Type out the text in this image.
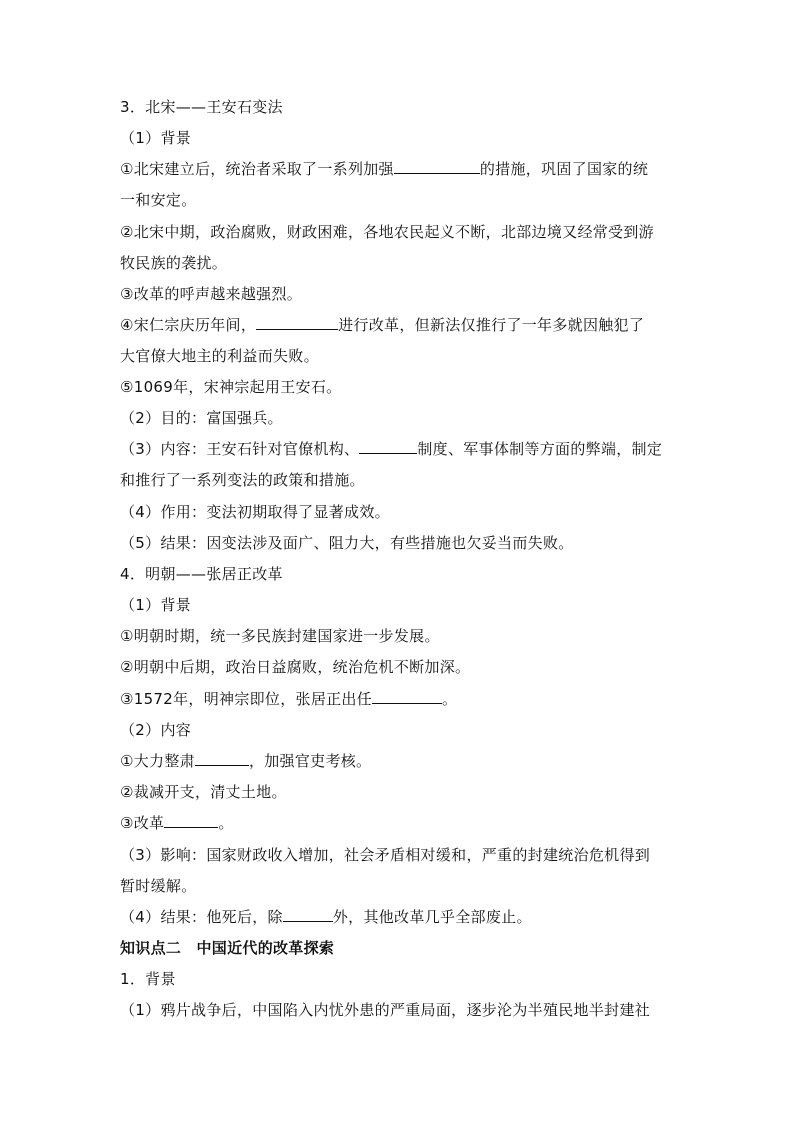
3．北宋——王安石变法
（1）背景
①北宋建立后，统治者采取了一系列加强	的措施，巩固了国家的统
一和安定。
②北宋中期，政治腐败，财政困难，各地农民起义不断，北部边境又经常受到游
牧民族的袭扰。
③改革的呼声越来越强烈。
④宋仁宗庆历年间，	进行改革，但新法仅推行了一年多就因触犯了
大官僚大地主的利益而失败。
⑤1069年，宋神宗起用王安石。
（2）目的：富国强兵。
（3）内容：王安石针对官僚机构、	制度、军事体制等方面的弊端，制定
和推行了一系列变法的政策和措施。
（4）作用：变法初期取得了显著成效。
（5）结果：因变法涉及面广、阻力大，有些措施也欠妥当而失败。
4．明朝——张居正改革
（1）背景
①明朝时期，统一多民族封建国家进一步发展。
②明朝中后期，政治日益腐败，统治危机不断加深。
③1572年，明神宗即位，张居正出任	。
（2）内容
①大力整肃	，加强官吏考核。
②裁减开支，清丈土地。
③改革	。
（3）影响：国家财政收入增加，社会矛盾相对缓和，严重的封建统治危机得到
暂时缓解。
（4）结果：他死后，除	外，其他改革几乎全部废止。
知识点二　中国近代的改革探索
1．背景
（1）鸦片战争后，中国陷入内忧外患的严重局面，逐步沦为半殖民地半封建社
